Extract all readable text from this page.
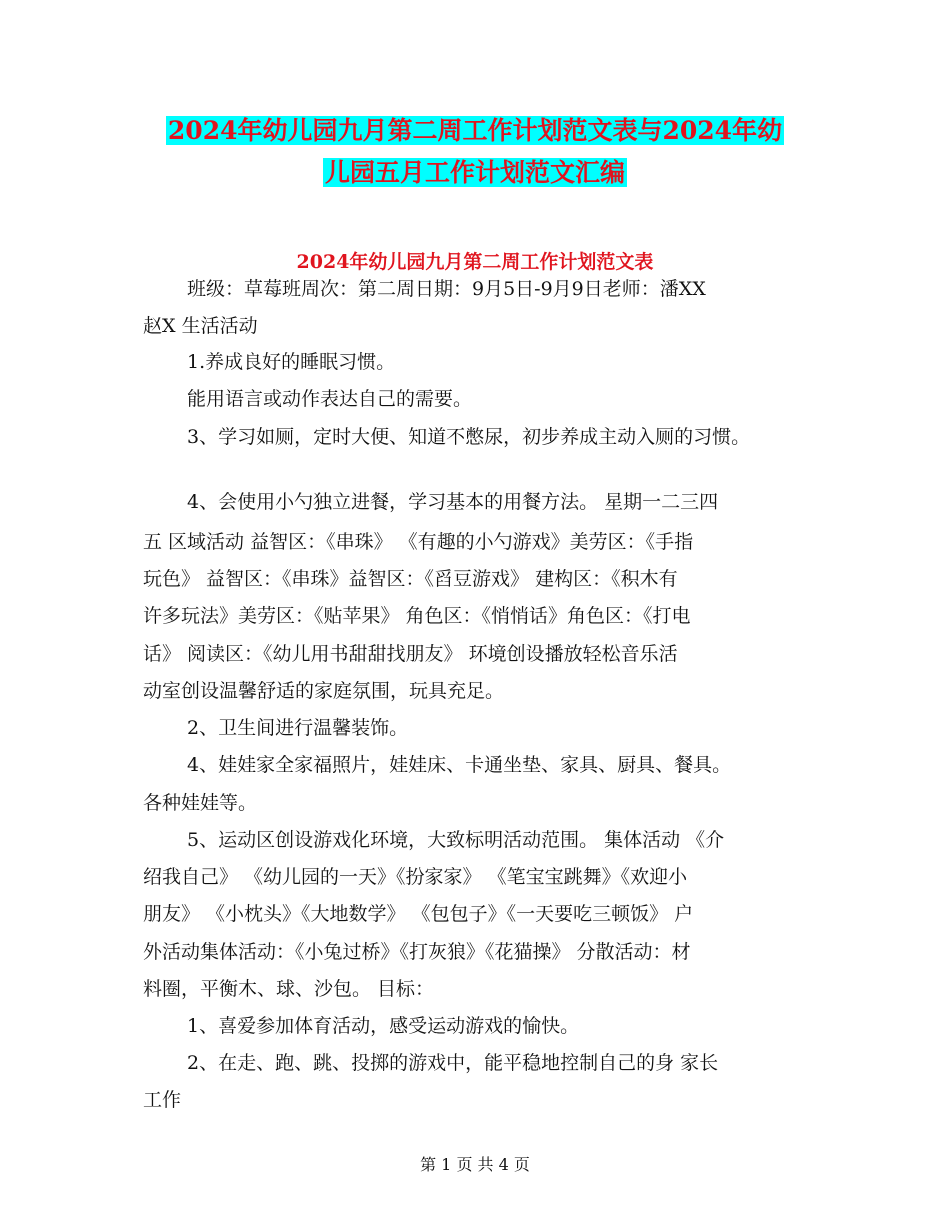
2024年幼儿园九月第二周工作计划范文表与2024年幼
儿园五月工作计划范文汇编
2024年幼儿园九月第二周工作计划范文表
班级：草莓班周次：第二周日期：9月5日-9月9日老师：潘XX
赵X 生活活动
1.养成良好的睡眠习惯。
能用语言或动作表达自己的需要。
3、学习如厕，定时大便、知道不憋尿，初步养成主动入厕的习惯。
4、会使用小勺独立进餐，学习基本的用餐方法。 星期一二三四
五 区域活动 益智区：《串珠》 《有趣的小勺游戏》美劳区：《手指
玩色》 益智区：《串珠》益智区：《舀豆游戏》 建构区：《积木有
许多玩法》美劳区：《贴苹果》 角色区：《悄悄话》角色区：《打电
话》 阅读区：《幼儿用书甜甜找朋友》 环境创设播放轻松音乐活
动室创设温馨舒适的家庭氛围，玩具充足。
2、卫生间进行温馨装饰。
4、娃娃家全家福照片，娃娃床、卡通坐垫、家具、厨具、餐具。
各种娃娃等。
5、运动区创设游戏化环境，大致标明活动范围。 集体活动 《介
绍我自己》 《幼儿园的一天》《扮家家》 《笔宝宝跳舞》《欢迎小
朋友》 《小枕头》《大地数学》 《包包子》《一天要吃三顿饭》 户
外活动集体活动：《小兔过桥》《打灰狼》《花猫操》 分散活动：材
料圈，平衡木、球、沙包。 目标：
1、喜爱参加体育活动，感受运动游戏的愉快。
2、在走、跑、跳、投掷的游戏中，能平稳地控制自己的身 家长
工作
第 1 页 共 4 页
